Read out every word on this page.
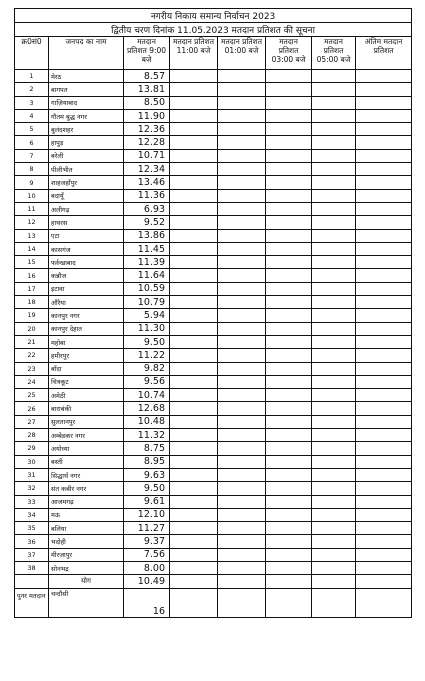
नगरीय निकाय समान्य निर्वाचन 2023							
द्वितीय चरण दिनांक 11.05.2023 मतदान प्रतिशत की सूचना							
क्र0सं0	जनपद का नाम	मतदान प्रतिशत 9:00 बजे	मतदान प्रतिशत 11:00 बजे	मतदान प्रतिशत 01:00 बजे	मतदान प्रतिशत 03:00 बजे	मतदान प्रतिशत 05:00 बजे	अंतिम मतदान प्रतिशत
1	मेरठ	8.57					
2	बागपत	13.81					
3	गाज़ियाबाद	8.50					
4	गौतम बुद्ध नगर	11.90					
5	बुलंदशहर	12.36					
6	हापुड़	12.28					
7	बरेली	10.71					
8	पीलीभीत	12.34					
9	शाहजहाँपुर	13.46					
10	बदायूँ	11.36					
11	अलीगढ़	6.93					
12	हाथरस	9.52					
13	एटा	13.86					
14	कासगंज	11.45					
15	फर्रुखाबाद	11.39					
16	कन्नौज	11.64					
17	इटावा	10.59					
18	औरैया	10.79					
19	कानपुर नगर	5.94					
20	कानपुर देहात	11.30					
21	महोबा	9.50					
22	हमीरपुर	11.22					
23	बाँदा	9.82					
24	चित्रकूट	9.56					
25	अमेठी	10.74					
26	बाराबंकी	12.68					
27	सुलतानपुर	10.48					
28	अम्बेडकर नगर	11.32					
29	अयोध्या	8.75					
30	बस्ती	8.95					
31	सिद्धार्थ नगर	9.63					
32	संत कबीर नगर	9.50					
33	आजमगढ़	9.61					
34	मऊ	12.10					
35	बलिया	11.27					
36	भदोही	9.37					
37	मीरजापुर	7.56					
38	सोनभद्र	8.00					
	योग	10.49					
पुनर मतदान	चन्दौसी	16					
